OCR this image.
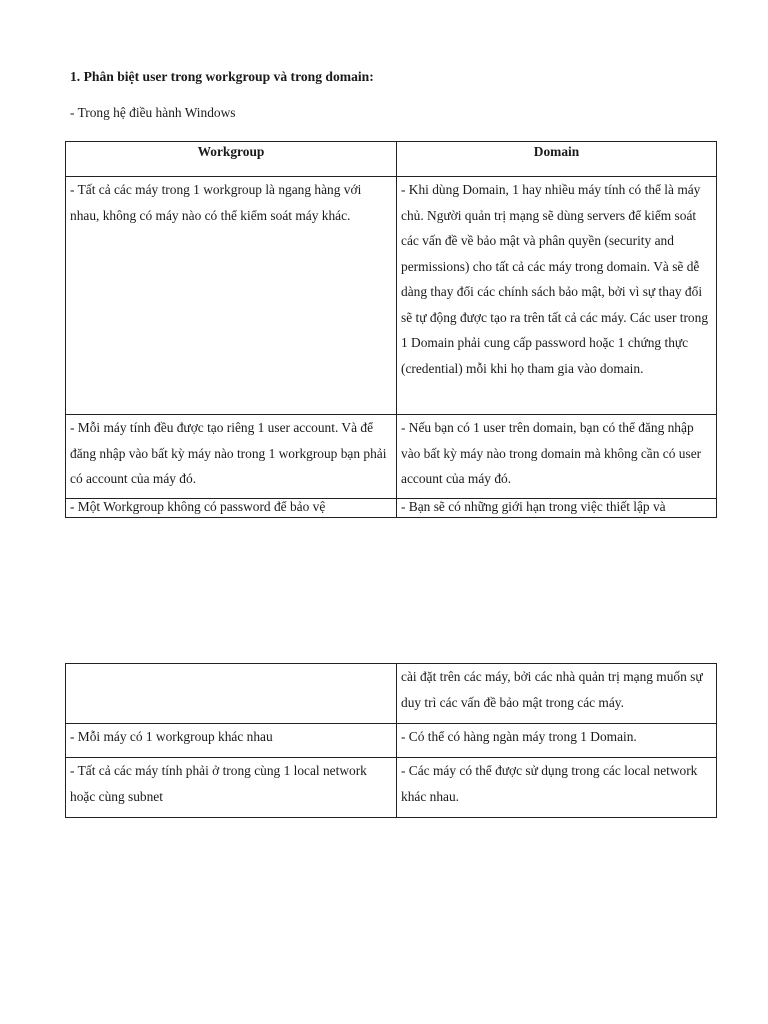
1. Phân biệt user trong workgroup và trong domain:
- Trong hệ điều hành Windows
Workgroup	Domain
- Tất cả các máy trong 1 workgroup là ngang hàng với nhau, không có máy nào có thể kiểm soát máy khác.	- Khi dùng Domain, 1 hay nhiều máy tính có thể là máy chủ. Người quản trị mạng sẽ dùng servers để kiểm soát các vấn đề về bảo mật và phân quyền (security and permissions) cho tất cả các máy trong domain. Và sẽ dễ dàng thay đổi các chính sách bảo mật, bởi vì sự thay đổi sẽ tự động được tạo ra trên tất cả các máy. Các user trong 1 Domain phải cung cấp password hoặc 1 chứng thực (credential) mỗi khi họ tham gia vào domain.
- Mỗi máy tính đều được tạo riêng 1 user account. Và để đăng nhập vào bất kỳ máy nào trong 1 workgroup bạn phải có account của máy đó.	- Nếu bạn có 1 user trên domain, bạn có thể đăng nhập vào bất kỳ máy nào trong domain mà không cần có user account của máy đó.
- Một Workgroup không có password để bảo vệ	- Bạn sẽ có những giới hạn trong việc thiết lập và
	cài đặt trên các máy, bởi các nhà quản trị mạng muốn sự duy trì các vấn đề bảo mật trong các máy.
- Mỗi máy có 1 workgroup khác nhau	- Có thể có hàng ngàn máy trong 1 Domain.
- Tất cả các máy tính phải ở trong cùng 1 local network hoặc cùng subnet	- Các máy có thể được sử dụng trong các local network khác nhau.
